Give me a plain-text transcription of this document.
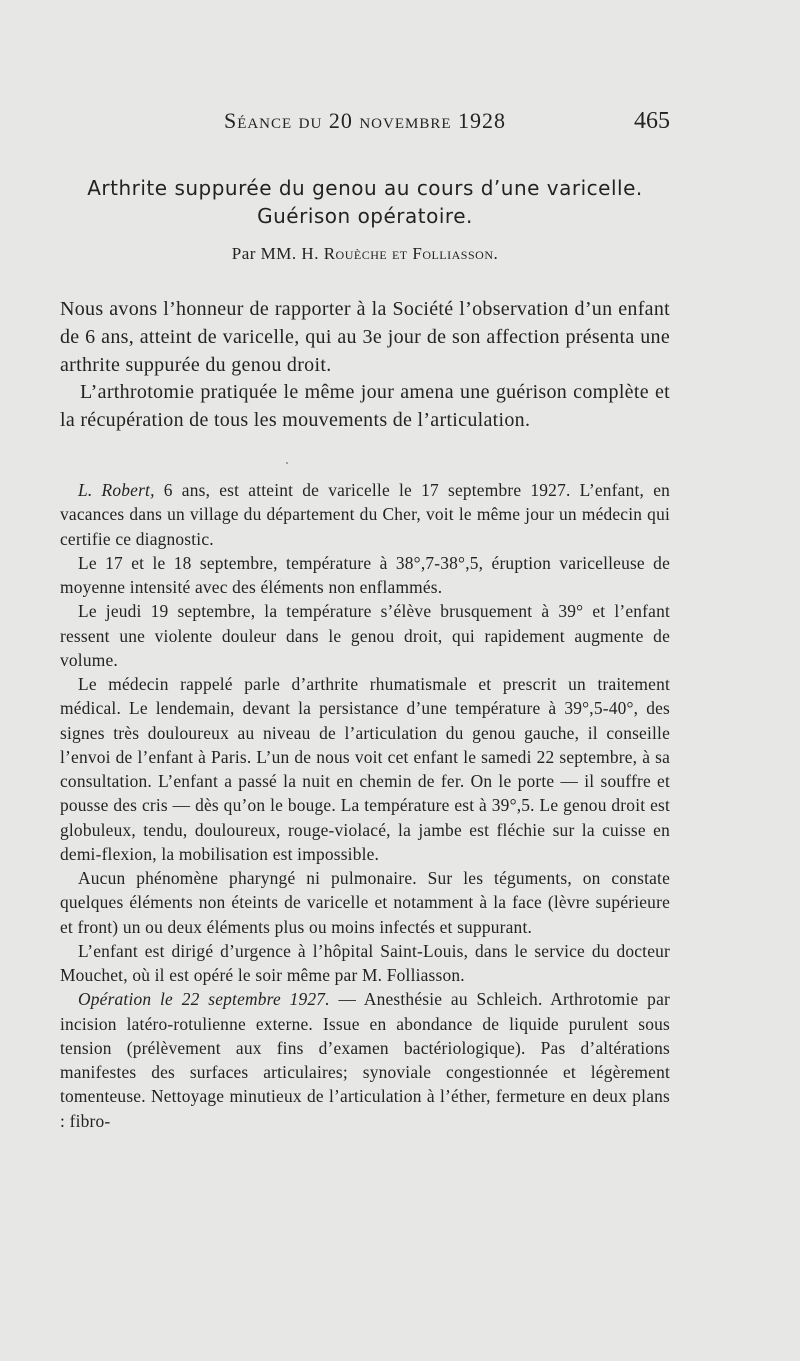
Séance du 20 novembre 1928	465
Arthrite suppurée du genou au cours d’une varicelle.
Guérison opératoire.
Par MM. H. Rouèche et Folliasson.

Nous avons l’honneur de rapporter à la Société l’observation d’un enfant de 6 ans, atteint de varicelle, qui au 3e jour de son affection présenta une arthrite suppurée du genou droit.

L’arthrotomie pratiquée le même jour amena une guérison complète et la récupération de tous les mouvements de l’articulation.

L. Robert, 6 ans, est atteint de varicelle le 17 septembre 1927. L’enfant, en vacances dans un village du département du Cher, voit le même jour un médecin qui certifie ce diagnostic.

Le 17 et le 18 septembre, température à 38°,7-38°,5, éruption varicelleuse de moyenne intensité avec des éléments non enflammés.

Le jeudi 19 septembre, la température s’élève brusquement à 39° et l’enfant ressent une violente douleur dans le genou droit, qui rapidement augmente de volume.

Le médecin rappelé parle d’arthrite rhumatismale et prescrit un traitement médical. Le lendemain, devant la persistance d’une température à 39°,5-40°, des signes très douloureux au niveau de l’articulation du genou gauche, il conseille l’envoi de l’enfant à Paris. L’un de nous voit cet enfant le samedi 22 septembre, à sa consultation. L’enfant a passé la nuit en chemin de fer. On le porte — il souffre et pousse des cris — dès qu’on le bouge. La température est à 39°,5. Le genou droit est globuleux, tendu, douloureux, rouge-violacé, la jambe est fléchie sur la cuisse en demi-flexion, la mobilisation est impossible.

Aucun phénomène pharyngé ni pulmonaire. Sur les téguments, on constate quelques éléments non éteints de varicelle et notamment à la face (lèvre supérieure et front) un ou deux éléments plus ou moins infectés et suppurant.

L’enfant est dirigé d’urgence à l’hôpital Saint-Louis, dans le service du docteur Mouchet, où il est opéré le soir même par M. Folliasson.

Opération le 22 septembre 1927. — Anesthésie au Schleich. Arthrotomie par incision latéro-rotulienne externe. Issue en abondance de liquide purulent sous tension (prélèvement aux fins d’examen bactériologique). Pas d’altérations manifestes des surfaces articulaires; synoviale congestionnée et légèrement tomenteuse. Nettoyage minutieux de l’articulation à l’éther, fermeture en deux plans : fibro-
